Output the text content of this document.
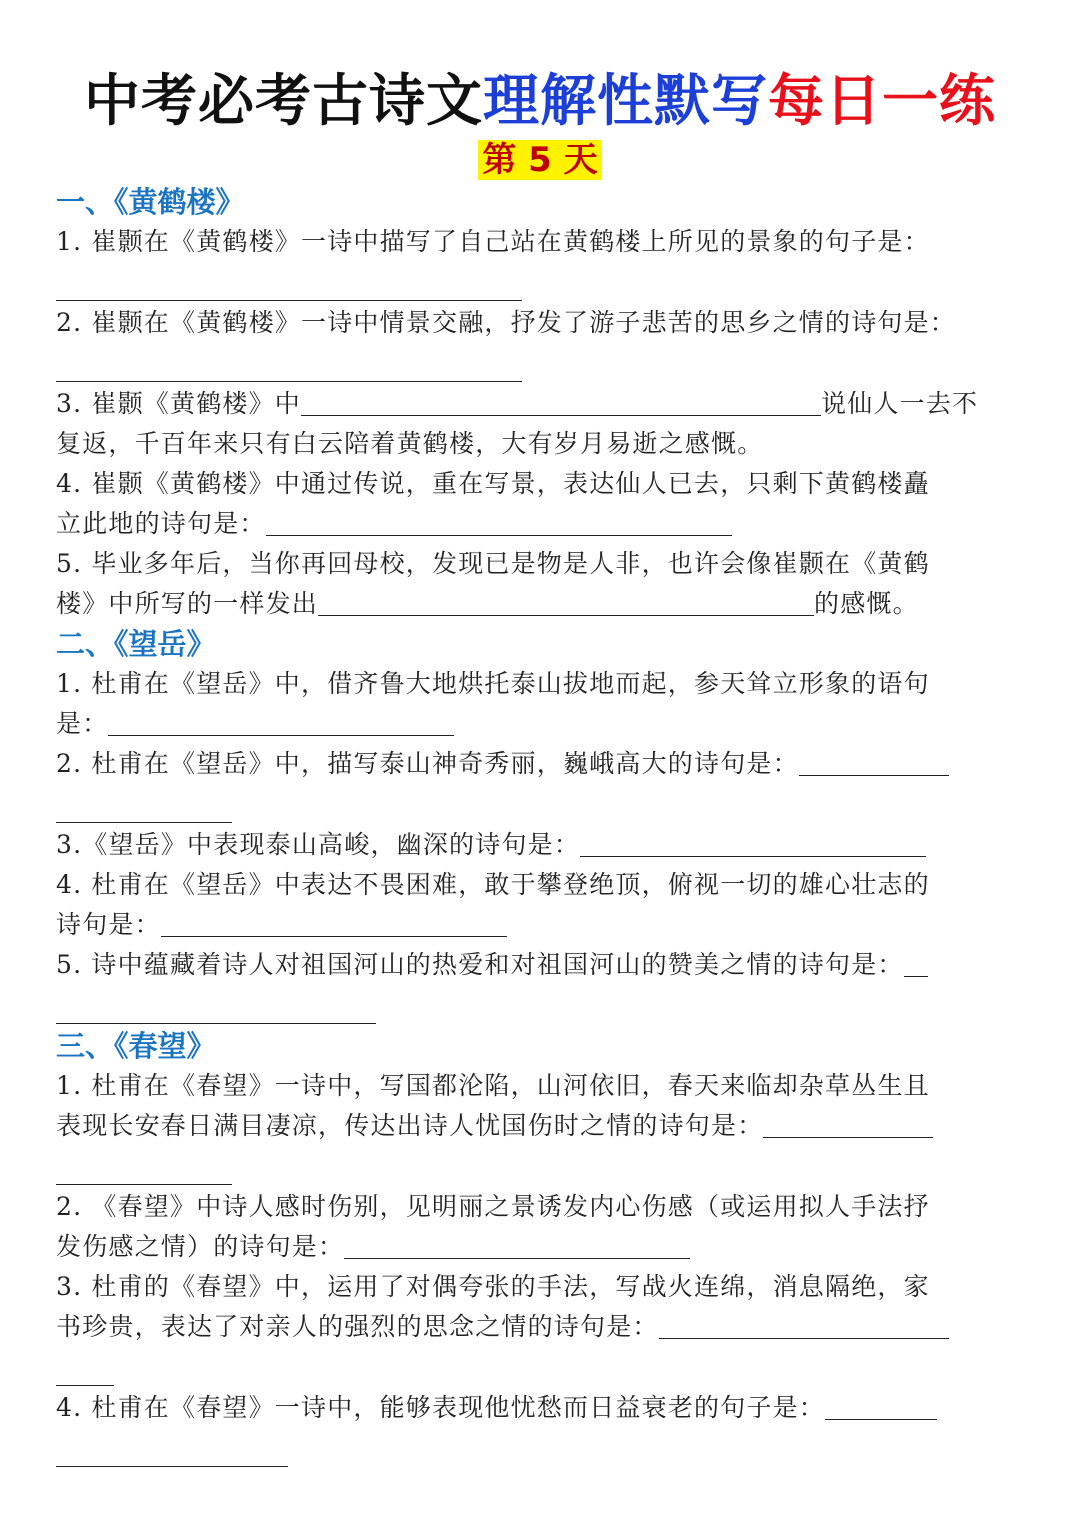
中考必考古诗文理解性默写每日一练
第 5 天
一、《黄鹤楼》
1. 崔颢在《黄鹤楼》一诗中描写了自己站在黄鹤楼上所见的景象的句子是：
2. 崔颢在《黄鹤楼》一诗中情景交融，抒发了游子悲苦的思乡之情的诗句是：
3. 崔颢《黄鹤楼》中	说仙人一去不
复返，千百年来只有白云陪着黄鹤楼，大有岁月易逝之感慨。
4. 崔颢《黄鹤楼》中通过传说，重在写景，表达仙人已去，只剩下黄鹤楼矗
立此地的诗句是：
5. 毕业多年后，当你再回母校，发现已是物是人非，也许会像崔颢在《黄鹤
楼》中所写的一样发出	的感慨。
二、《望岳》
1. 杜甫在《望岳》中，借齐鲁大地烘托泰山拔地而起，参天耸立形象的语句
是：
2. 杜甫在《望岳》中，描写泰山神奇秀丽，巍峨高大的诗句是：
3.《望岳》中表现泰山高峻，幽深的诗句是：
4. 杜甫在《望岳》中表达不畏困难，敢于攀登绝顶，俯视一切的雄心壮志的
诗句是：
5. 诗中蕴藏着诗人对祖国河山的热爱和对祖国河山的赞美之情的诗句是：
三、《春望》
1. 杜甫在《春望》一诗中，写国都沦陷，山河依旧，春天来临却杂草丛生且
表现长安春日满目凄凉，传达出诗人忧国伤时之情的诗句是：
2. 《春望》中诗人感时伤别，见明丽之景诱发内心伤感（或运用拟人手法抒
发伤感之情）的诗句是：
3. 杜甫的《春望》中，运用了对偶夸张的手法，写战火连绵，消息隔绝，家
书珍贵，表达了对亲人的强烈的思念之情的诗句是：
4. 杜甫在《春望》一诗中，能够表现他忧愁而日益衰老的句子是：
